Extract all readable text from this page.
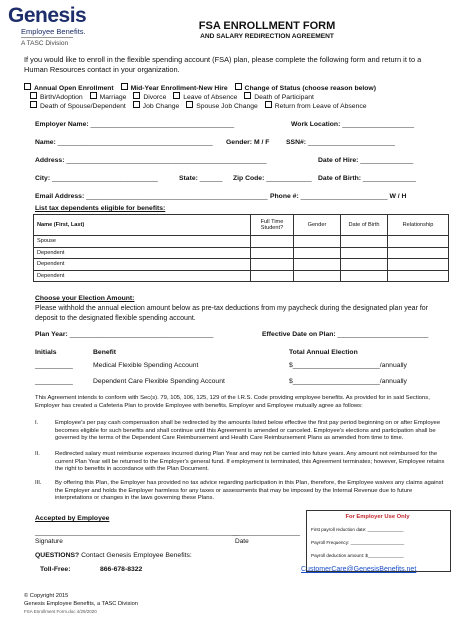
Genesis
Employee Benefits.
A TASC Division
FSA ENROLLMENT FORM
AND SALARY REDIRECTION AGREEMENT
If you would like to enroll in the flexible spending account (FSA) plan, please complete the following form and return it to a Human Resources contact in your organization.
Annual Open Enrollment Mid-Year Enrollment-New Hire Change of Status (choose reason below)
Birth/Adoption Marriage Divorce Leave of Absence Death of Participant
Death of Spouse/Dependent Job Change Spouse Job Change Return from Leave of Absence
Employer Name: ______________________________________	Work Location: ___________________
Name: _________________________________________ Gender: M / F SSN#: _______________________
Address: _____________________________________________________	Date of Hire: ______________
City: ____________________________	State: ______ Zip Code: ____________ Date of Birth: ______________
Email Address: ________________________________________________ Phone #: _______________________ W / H
List tax dependents eligible for benefits:
Name (First, Last)	Full Time Student?	Gender	Date of Birth	Relationship
Spouse				
Dependent				
Dependent				
Dependent				
Choose your Election Amount:
Please withhold the annual election amount below as pre-tax deductions from my paycheck during the designated plan year for deposit to the designated flexible spending account.
Plan Year: ______________________________________	Effective Date on Plan: ________________________
Initials	Benefit	Total Annual Election
__________	Medical Flexible Spending Account	$_______________________/annually
__________	Dependent Care Flexible Spending Account	$_______________________/annually
This Agreement intends to conform with Sec(s). 79, 105, 106, 125, 129 of the I.R.S. Code providing employee benefits. As provided for in said Sections, Employer has created a Cafeteria Plan to provide Employee with benefits. Employer and Employee mutually agree as follows:
I.	Employee's per pay cash compensation shall be redirected by the amounts listed below effective the first pay period beginning on or after Employee becomes eligible for such benefits and shall continue until this Agreement is amended or canceled. Employee's elections and participation shall be governed by the terms of the Dependent Care Reimbursement and Health Care Reimbursement Plans as amended from time to time.
II.	Redirected salary must reimburse expenses incurred during Plan Year and may not be carried into future years. Any amount not reimbursed for the current Plan Year will be returned to the Employer's general fund. If employment is terminated, this Agreement terminates; however, Employee retains the right to benefits in accordance with the Plan Document.
III.	By offering this Plan, the Employer has provided no tax advice regarding participation in this Plan, therefore, the Employee waives any claims against the Employer and holds the Employer harmless for any taxes or assessments that may be imposed by the Internal Revenue due to future interpretations or changes in the laws governing these Plans.
Accepted by Employee
______________________________________________________
__________________
Signature	Date
QUESTIONS? Contact Genesis Employee Benefits:
Toll-Free:	866-678-8322	CustomerCare@GenesisBenefits.net
For Employer Use Only
First payroll reduction date: ______________
Payroll Frequency: _____________________
Payroll deduction amount: $______________
© Copyright 2015
Genesis Employee Benefits, a TASC Division
FSA Enrollment Form.doc 4/29/2020
